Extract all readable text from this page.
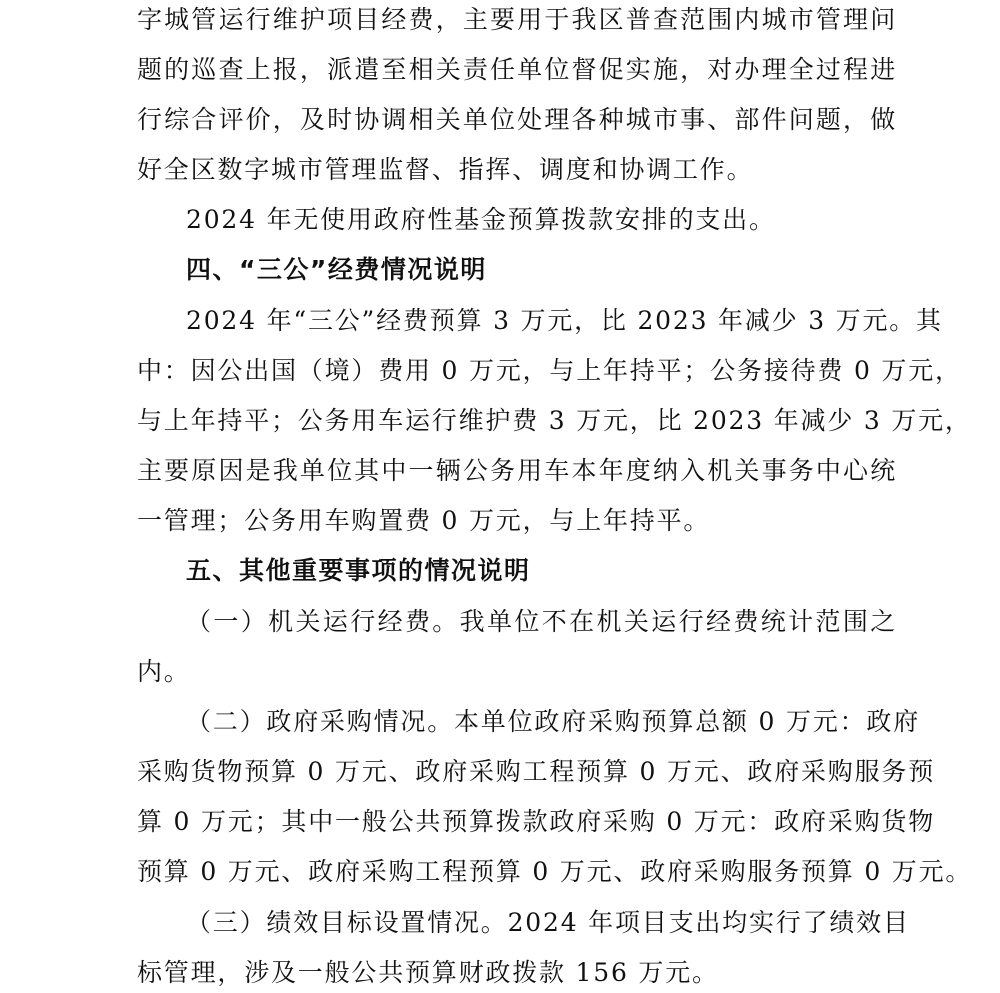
字城管运行维护项目经费，主要用于我区普查范围内城市管理问
题的巡查上报，派遣至相关责任单位督促实施，对办理全过程进
行综合评价，及时协调相关单位处理各种城市事、部件问题，做
好全区数字城市管理监督、指挥、调度和协调工作。
2024 年无使用政府性基金预算拨款安排的支出。
四、“三公”经费情况说明
2024 年“三公”经费预算 3 万元，比 2023 年减少 3 万元。其
中：因公出国（境）费用 0 万元，与上年持平；公务接待费 0 万元，
与上年持平；公务用车运行维护费 3 万元，比 2023 年减少 3 万元，
主要原因是我单位其中一辆公务用车本年度纳入机关事务中心统
一管理；公务用车购置费 0 万元，与上年持平。
五、其他重要事项的情况说明
（一）机关运行经费。我单位不在机关运行经费统计范围之
内。
（二）政府采购情况。本单位政府采购预算总额 0 万元：政府
采购货物预算 0 万元、政府采购工程预算 0 万元、政府采购服务预
算 0 万元；其中一般公共预算拨款政府采购 0 万元：政府采购货物
预算 0 万元、政府采购工程预算 0 万元、政府采购服务预算 0 万元。
（三）绩效目标设置情况。2024 年项目支出均实行了绩效目
标管理，涉及一般公共预算财政拨款 156 万元。
